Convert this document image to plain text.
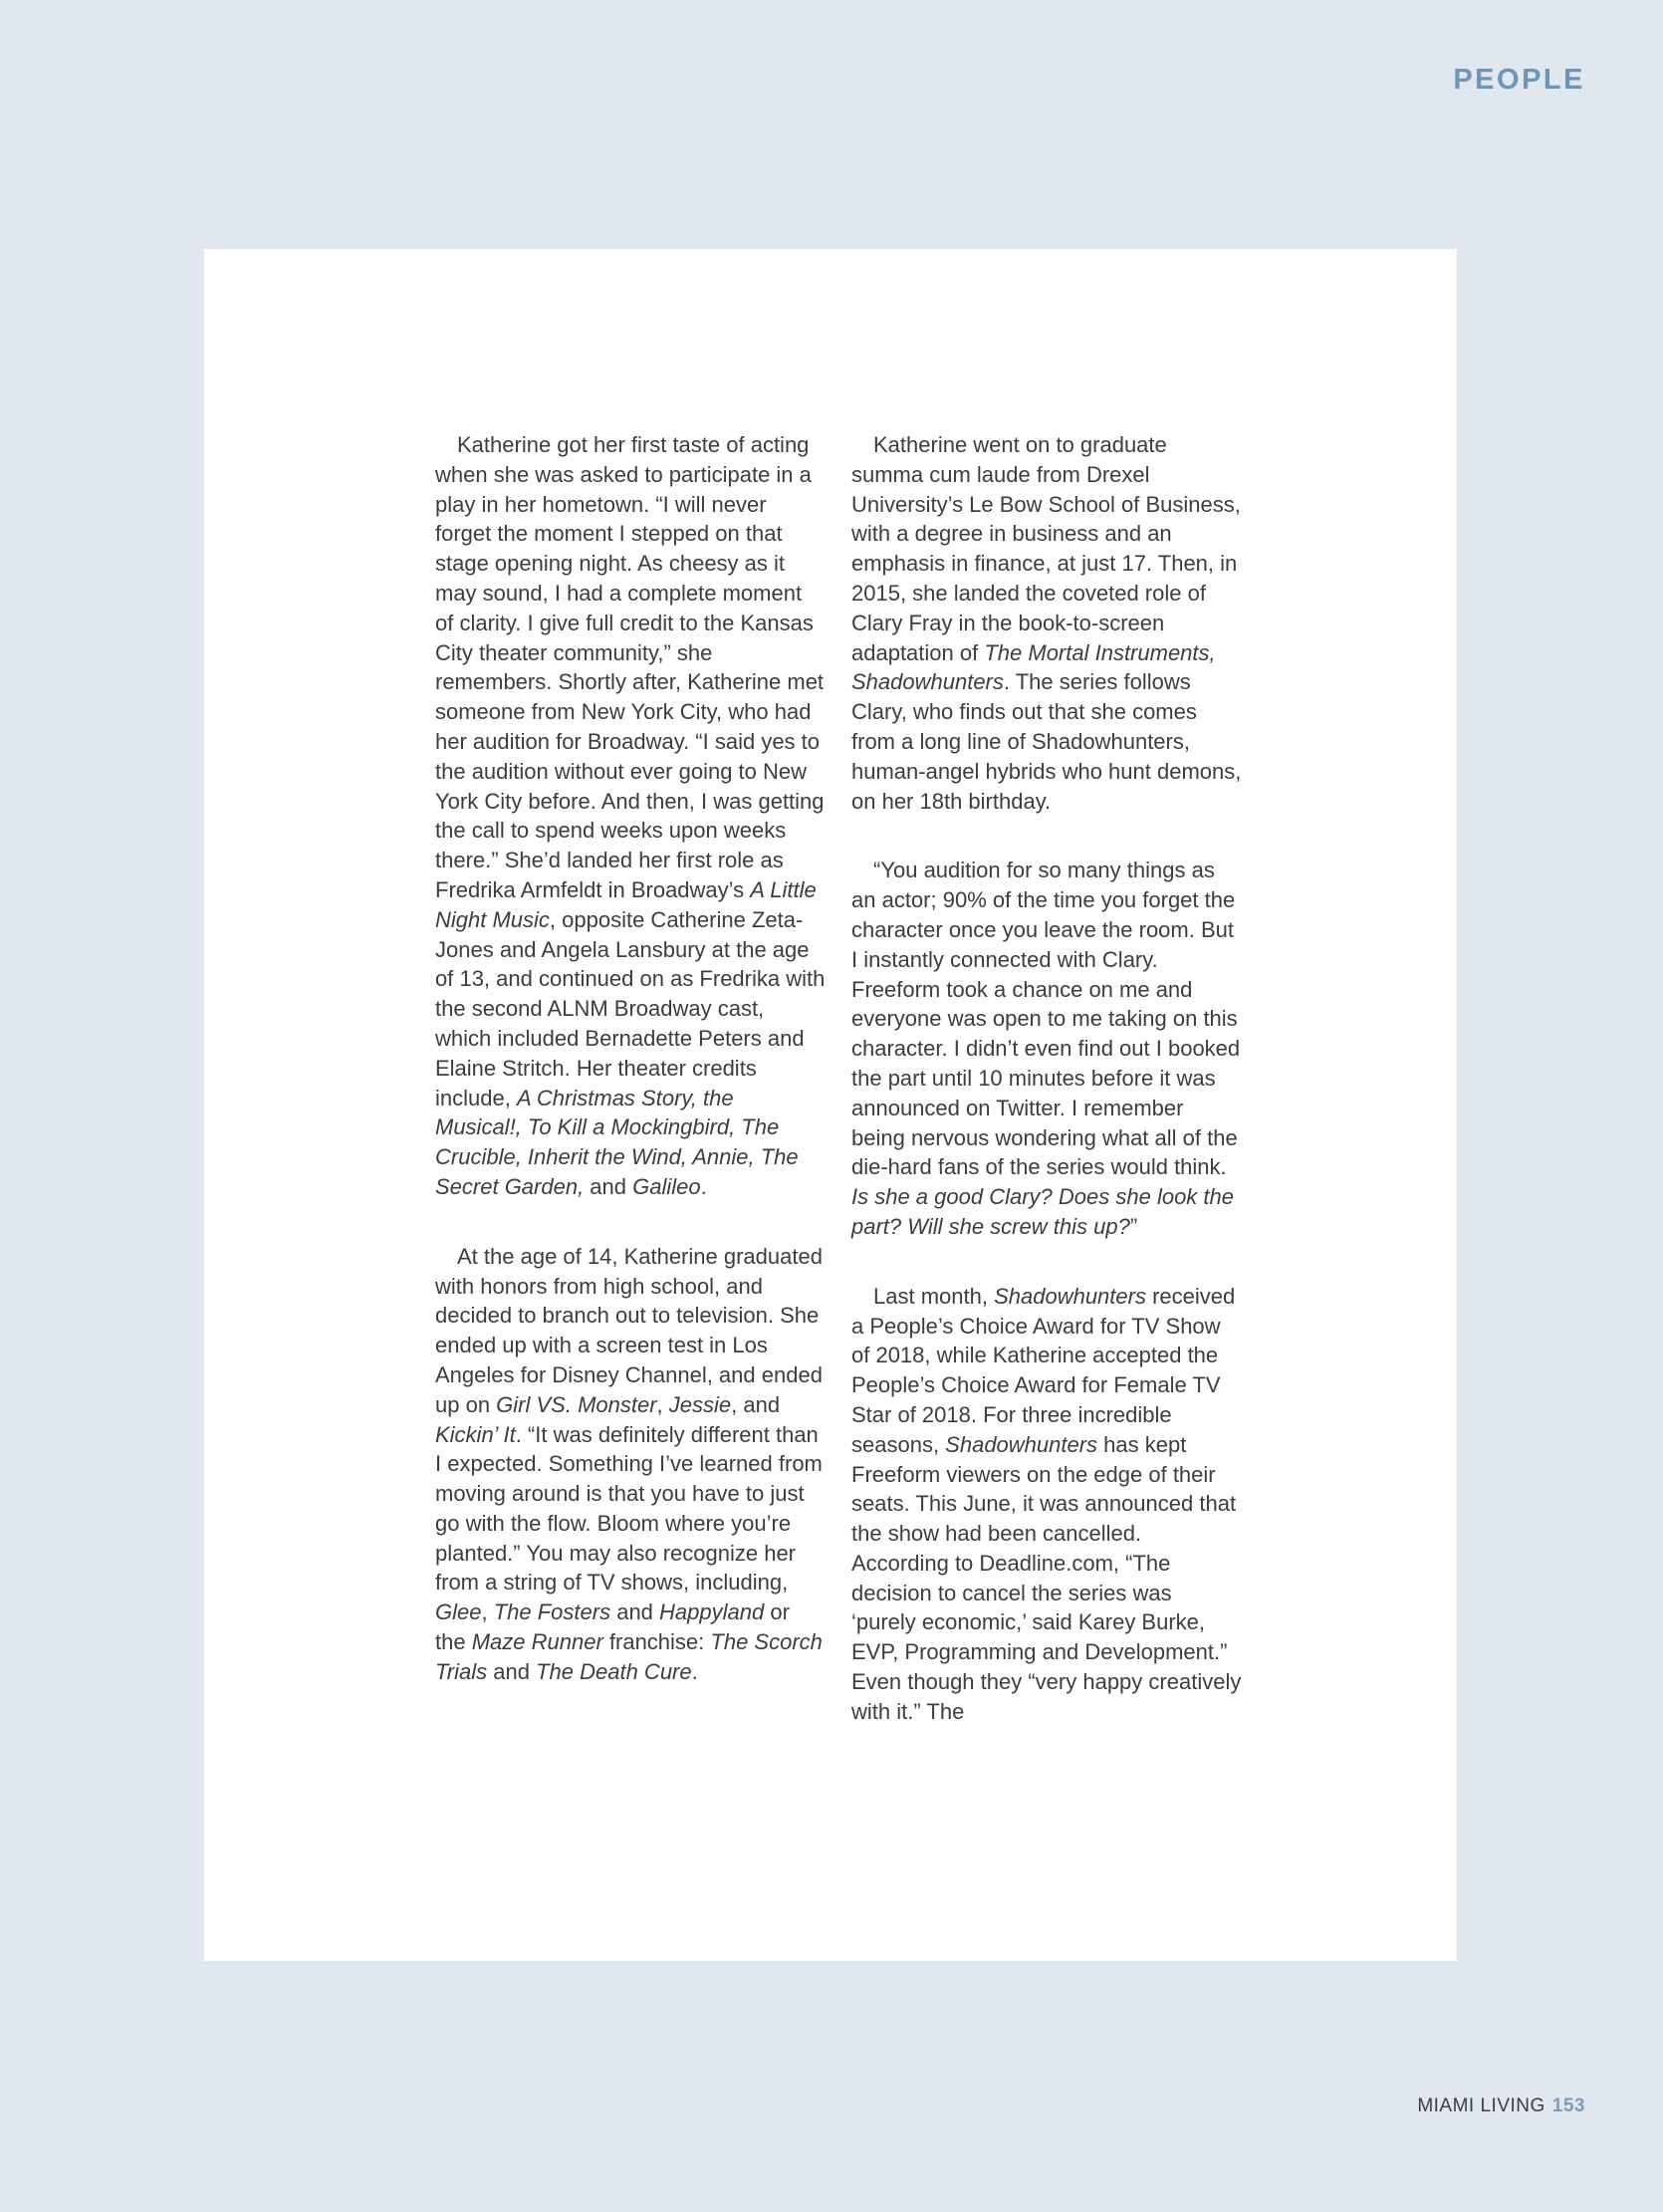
PEOPLE

Katherine got her first taste of acting when she was asked to participate in a play in her hometown. “I will never forget the moment I stepped on that stage opening night. As cheesy as it may sound, I had a complete moment of clarity. I give full credit to the Kansas City theater community,” she remembers. Shortly after, Katherine met someone from New York City, who had her audition for Broadway. “I said yes to the audition without ever going to New York City before. And then, I was getting the call to spend weeks upon weeks there.” She’d landed her first role as Fredrika Armfeldt in Broadway’s A Little Night Music, opposite Catherine Zeta-Jones and Angela Lansbury at the age of 13, and continued on as Fredrika with the second ALNM Broadway cast, which included Bernadette Peters and Elaine Stritch. Her theater credits include, A Christmas Story, the Musical!, To Kill a Mockingbird, The Crucible, Inherit the Wind, Annie, The Secret Garden, and Galileo.

At the age of 14, Katherine graduated with honors from high school, and decided to branch out to television. She ended up with a screen test in Los Angeles for Disney Channel, and ended up on Girl VS. Monster, Jessie, and Kickin’ It. “It was definitely different than I expected. Something I’ve learned from moving around is that you have to just go with the flow. Bloom where you’re planted.” You may also recognize her from a string of TV shows, including, Glee, The Fosters and Happyland or the Maze Runner franchise: The Scorch Trials and The Death Cure.

Katherine went on to graduate summa cum laude from Drexel University’s Le Bow School of Business, with a degree in business and an emphasis in finance, at just 17. Then, in 2015, she landed the coveted role of Clary Fray in the book-to-screen adaptation of The Mortal Instruments, Shadowhunters. The series follows Clary, who finds out that she comes from a long line of Shadowhunters, human-angel hybrids who hunt demons, on her 18th birthday.

“You audition for so many things as an actor; 90% of the time you forget the character once you leave the room. But I instantly connected with Clary. Freeform took a chance on me and everyone was open to me taking on this character. I didn’t even find out I booked the part until 10 minutes before it was announced on Twitter. I remember being nervous wondering what all of the die-hard fans of the series would think. Is she a good Clary? Does she look the part? Will she screw this up?”

Last month, Shadowhunters received a People’s Choice Award for TV Show of 2018, while Katherine accepted the People’s Choice Award for Female TV Star of 2018. For three incredible seasons, Shadowhunters has kept Freeform viewers on the edge of their seats. This June, it was announced that the show had been cancelled. According to Deadline.com, “The decision to cancel the series was ‘purely economic,’ said Karey Burke, EVP, Programming and Development.” Even though they “very happy creatively with it.” The

MIAMI LIVING 153
